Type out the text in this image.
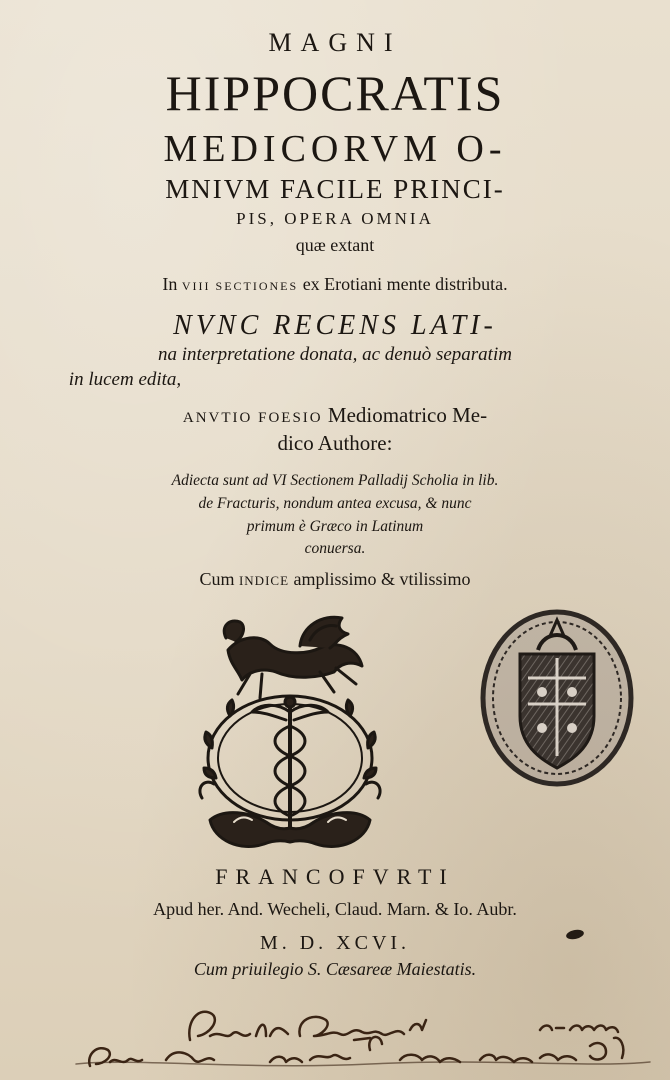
MAGNI
HIPPOCRATIS
MEDICORVM O-
MNIVM FACILE PRINCI-
PIS, OPERA OMNIA
quæ extant
In VIII SECTIONES ex Erotiani mente distributa.
NVNC RECENS LATI-
na interpretatione donata, ac denuò separatim
in lucem edita,
ANVTIO FOESIO Mediomatrico Me-
dico Authore:
Adiecta sunt ad VI Sectionem Palladij Scholia in lib.
de Fracturis, nondum antea excusa, & nunc
primum è Græco in Latinum
conuersa.
Cum INDICE amplissimo & vtilissimo
FRANCOFVRTI
Apud her. And. Wecheli, Claud. Marn. & Io. Aubr.
M. D. XCVI.
Cum priuilegio S. Cæsareæ Maiestatis.
